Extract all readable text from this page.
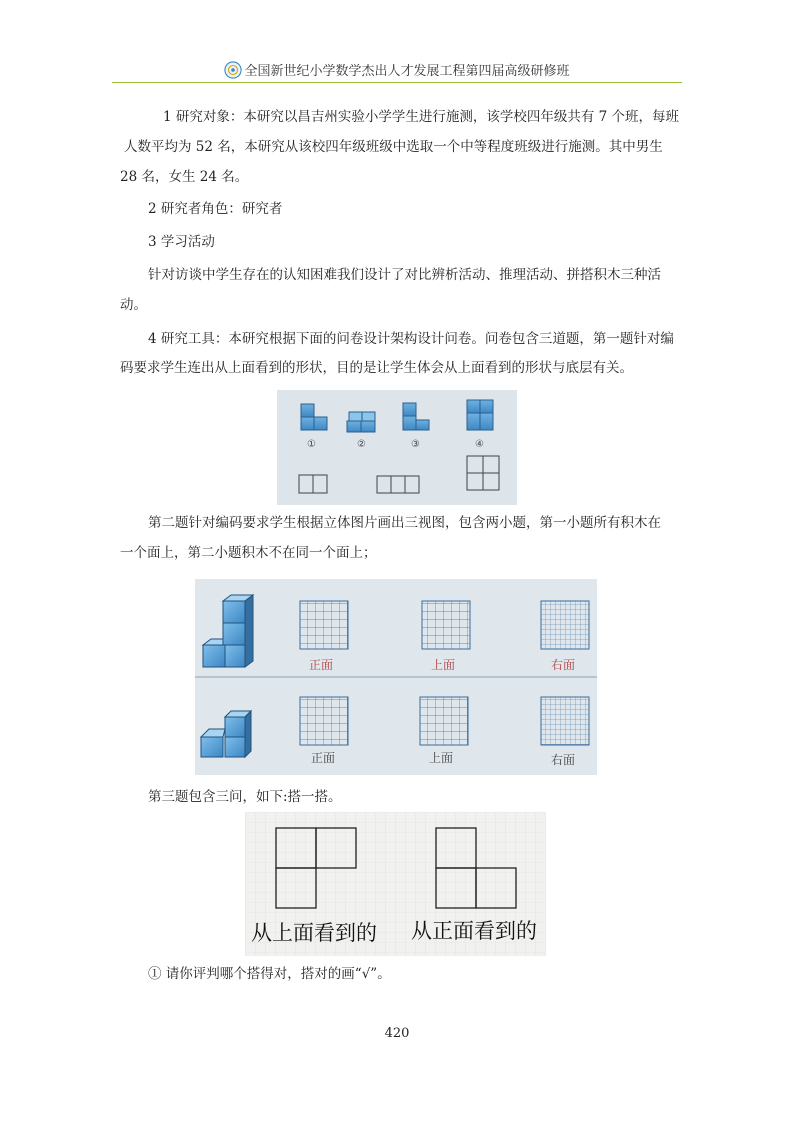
全国新世纪小学数学杰出人才发展工程第四届高级研修班
1 研究对象：本研究以昌吉州实验小学学生进行施测，该学校四年级共有 7 个班，每班
人数平均为 52 名，本研究从该校四年级班级中选取一个中等程度班级进行施测。其中男生
28 名，女生 24 名。
2 研究者角色：研究者
3 学习活动
针对访谈中学生存在的认知困难我们设计了对比辨析活动、推理活动、拼搭积木三种活
动。
4 研究工具：本研究根据下面的问卷设计架构设计问卷。问卷包含三道题，第一题针对编
码要求学生连出从上面看到的形状，目的是让学生体会从上面看到的形状与底层有关。
①	②	③	④
第二题针对编码要求学生根据立体图片画出三视图，包含两小题，第一小题所有积木在
一个面上，第二小题积木不在同一个面上；
正面	上面	右面
正面	上面	右面
第三题包含三问，如下:搭一搭。
从上面看到的 从正面看到的
① 请你评判哪个搭得对，搭对的画“√”。
420
